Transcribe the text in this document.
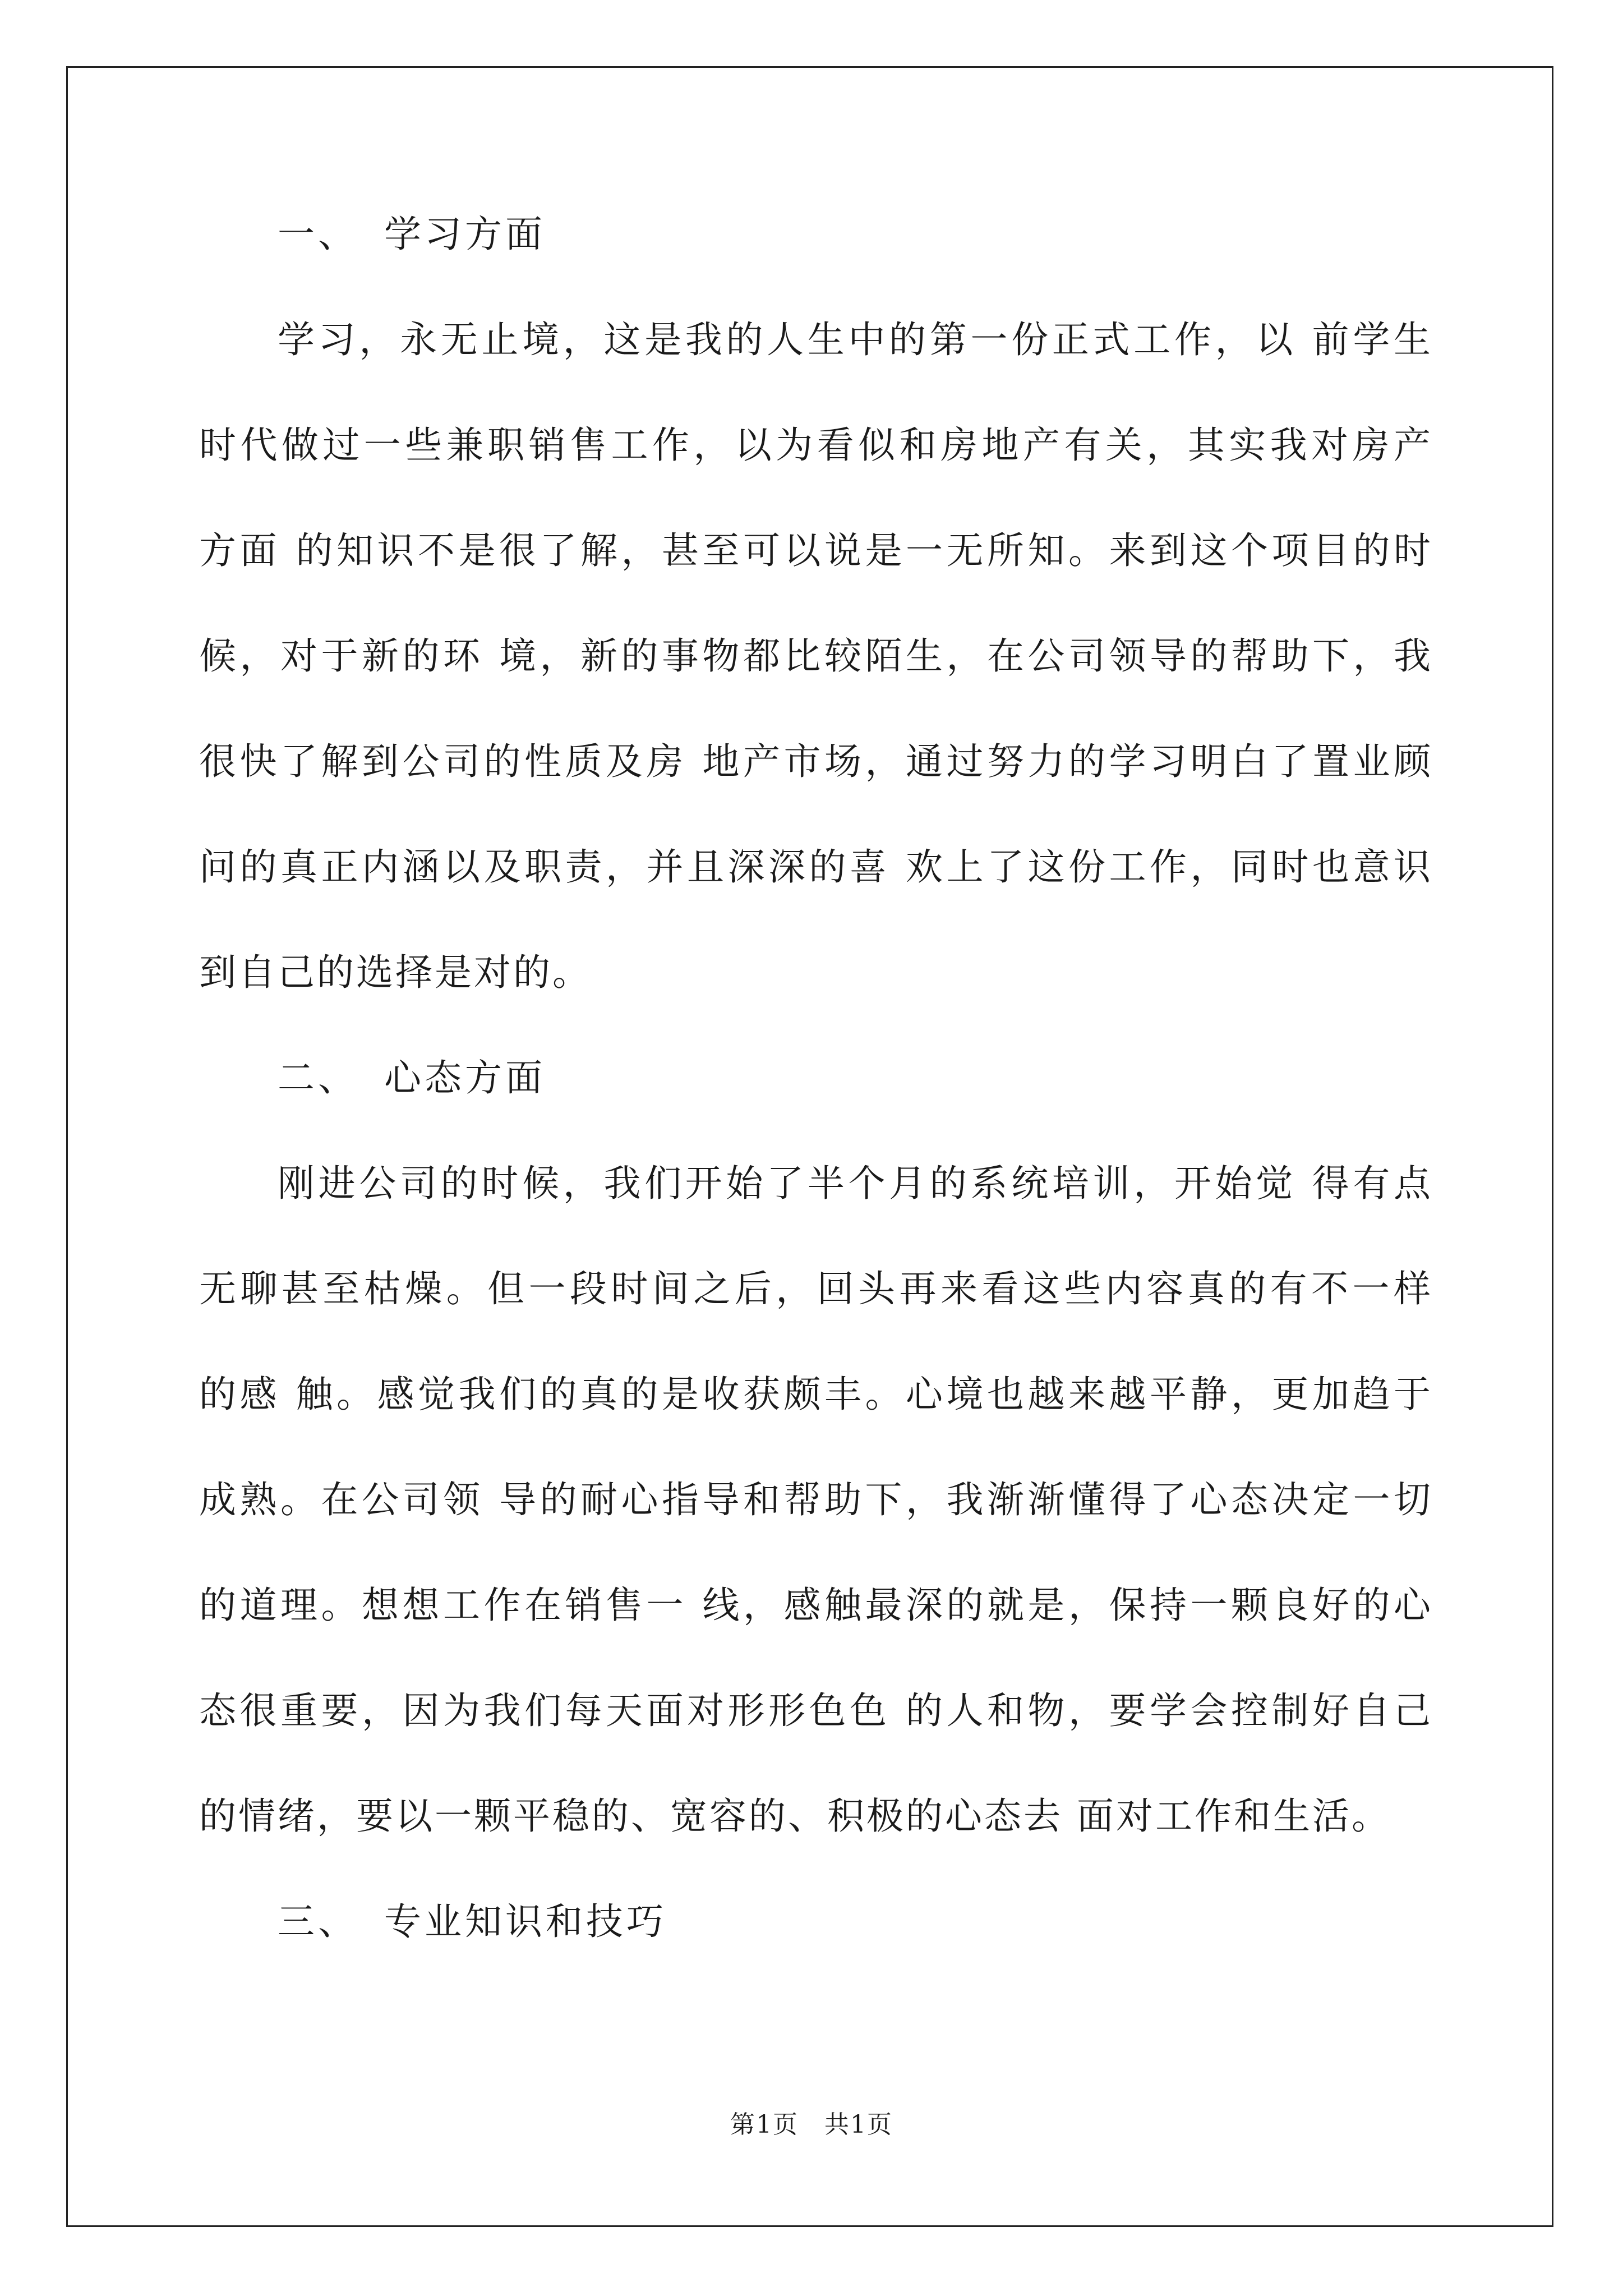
一、 学习方面
学习，永无止境，这是我的人生中的第一份正式工作，以 前学生
时代做过一些兼职销售工作，以为看似和房地产有关，其实我对房产
方面 的知识不是很了解，甚至可以说是一无所知。来到这个项目的时
候，对于新的环 境，新的事物都比较陌生，在公司领导的帮助下，我
很快了解到公司的性质及房 地产市场，通过努力的学习明白了置业顾
问的真正内涵以及职责，并且深深的喜 欢上了这份工作，同时也意识
到自己的选择是对的。
二、 心态方面
刚进公司的时候，我们开始了半个月的系统培训，开始觉 得有点
无聊甚至枯燥。但一段时间之后，回头再来看这些内容真的有不一样
的感 触。感觉我们的真的是收获颇丰。心境也越来越平静，更加趋于
成熟。在公司领 导的耐心指导和帮助下，我渐渐懂得了心态决定一切
的道理。想想工作在销售一 线，感触最深的就是，保持一颗良好的心
态很重要，因为我们每天面对形形色色 的人和物，要学会控制好自己
的情绪，要以一颗平稳的、宽容的、积极的心态去 面对工作和生活。
三、 专业知识和技巧
第1页　共1页
